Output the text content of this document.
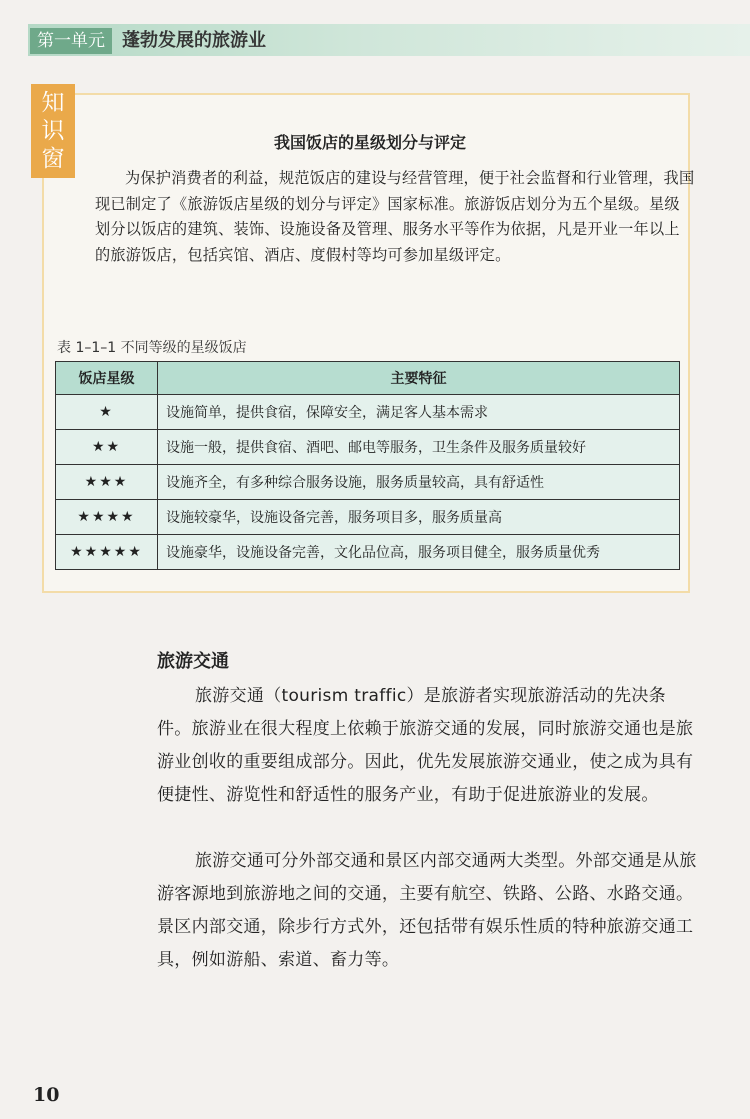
第一单元 蓬勃发展的旅游业
知识窗
我国饭店的星级划分与评定
为保护消费者的利益，规范饭店的建设与经营管理，便于社会监督和行业管理，我国现已制定了《旅游饭店星级的划分与评定》国家标准。旅游饭店划分为五个星级。星级划分以饭店的建筑、装饰、设施设备及管理、服务水平等作为依据，凡是开业一年以上的旅游饭店，包括宾馆、酒店、度假村等均可参加星级评定。
表 1–1–1 不同等级的星级饭店
饭店星级	主要特征
★	设施简单，提供食宿，保障安全，满足客人基本需求
★★	设施一般，提供食宿、酒吧、邮电等服务，卫生条件及服务质量较好
★★★	设施齐全，有多种综合服务设施，服务质量较高，具有舒适性
★★★★	设施较豪华，设施设备完善，服务项目多，服务质量高
★★★★★	设施豪华，设施设备完善，文化品位高，服务项目健全，服务质量优秀
旅游交通
旅游交通（tourism traffic）是旅游者实现旅游活动的先决条件。旅游业在很大程度上依赖于旅游交通的发展，同时旅游交通也是旅游业创收的重要组成部分。因此，优先发展旅游交通业，使之成为具有便捷性、游览性和舒适性的服务产业，有助于促进旅游业的发展。
旅游交通可分外部交通和景区内部交通两大类型。外部交通是从旅游客源地到旅游地之间的交通，主要有航空、铁路、公路、水路交通。景区内部交通，除步行方式外，还包括带有娱乐性质的特种旅游交通工具，例如游船、索道、畜力等。
10
